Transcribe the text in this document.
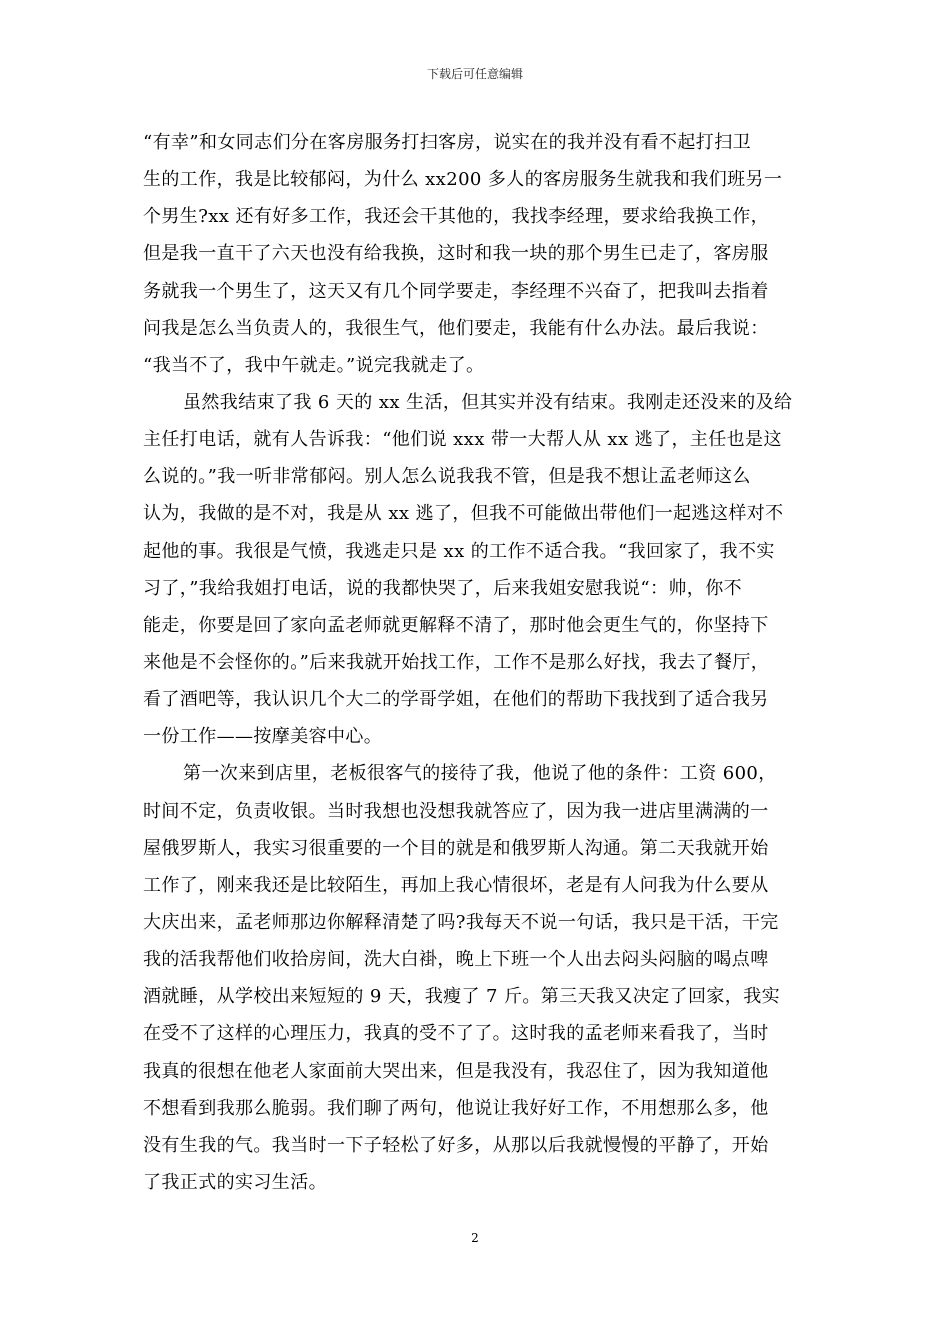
下载后可任意编辑
“有幸”和女同志们分在客房服务打扫客房，说实在的我并没有看不起打扫卫
生的工作，我是比较郁闷，为什么 xx200 多人的客房服务生就我和我们班另一
个男生?xx 还有好多工作，我还会干其他的，我找李经理，要求给我换工作，
但是我一直干了六天也没有给我换，这时和我一块的那个男生已走了，客房服
务就我一个男生了，这天又有几个同学要走，李经理不兴奋了，把我叫去指着
问我是怎么当负责人的，我很生气，他们要走，我能有什么办法。最后我说：
“我当不了，我中午就走。”说完我就走了。
虽然我结束了我 6 天的 xx 生活，但其实并没有结束。我刚走还没来的及给
主任打电话，就有人告诉我：“他们说 xxx 带一大帮人从 xx 逃了，主任也是这
么说的。”我一听非常郁闷。别人怎么说我我不管，但是我不想让孟老师这么
认为，我做的是不对，我是从 xx 逃了，但我不可能做出带他们一起逃这样对不
起他的事。我很是气愤，我逃走只是 xx 的工作不适合我。“我回家了，我不实
习了，”我给我姐打电话，说的我都快哭了，后来我姐安慰我说“：帅，你不
能走，你要是回了家向孟老师就更解释不清了，那时他会更生气的，你坚持下
来他是不会怪你的。”后来我就开始找工作，工作不是那么好找，我去了餐厅，
看了酒吧等，我认识几个大二的学哥学姐，在他们的帮助下我找到了适合我另
一份工作——按摩美容中心。
第一次来到店里，老板很客气的接待了我，他说了他的条件：工资 600，
时间不定，负责收银。当时我想也没想我就答应了，因为我一进店里满满的一
屋俄罗斯人，我实习很重要的一个目的就是和俄罗斯人沟通。第二天我就开始
工作了，刚来我还是比较陌生，再加上我心情很坏，老是有人问我为什么要从
大庆出来，孟老师那边你解释清楚了吗?我每天不说一句话，我只是干活，干完
我的活我帮他们收拾房间，洗大白褂，晚上下班一个人出去闷头闷脑的喝点啤
酒就睡，从学校出来短短的 9 天，我瘦了 7 斤。第三天我又决定了回家，我实
在受不了这样的心理压力，我真的受不了了。这时我的孟老师来看我了，当时
我真的很想在他老人家面前大哭出来，但是我没有，我忍住了，因为我知道他
不想看到我那么脆弱。我们聊了两句，他说让我好好工作，不用想那么多，他
没有生我的气。我当时一下子轻松了好多，从那以后我就慢慢的平静了，开始
了我正式的实习生活。
2
